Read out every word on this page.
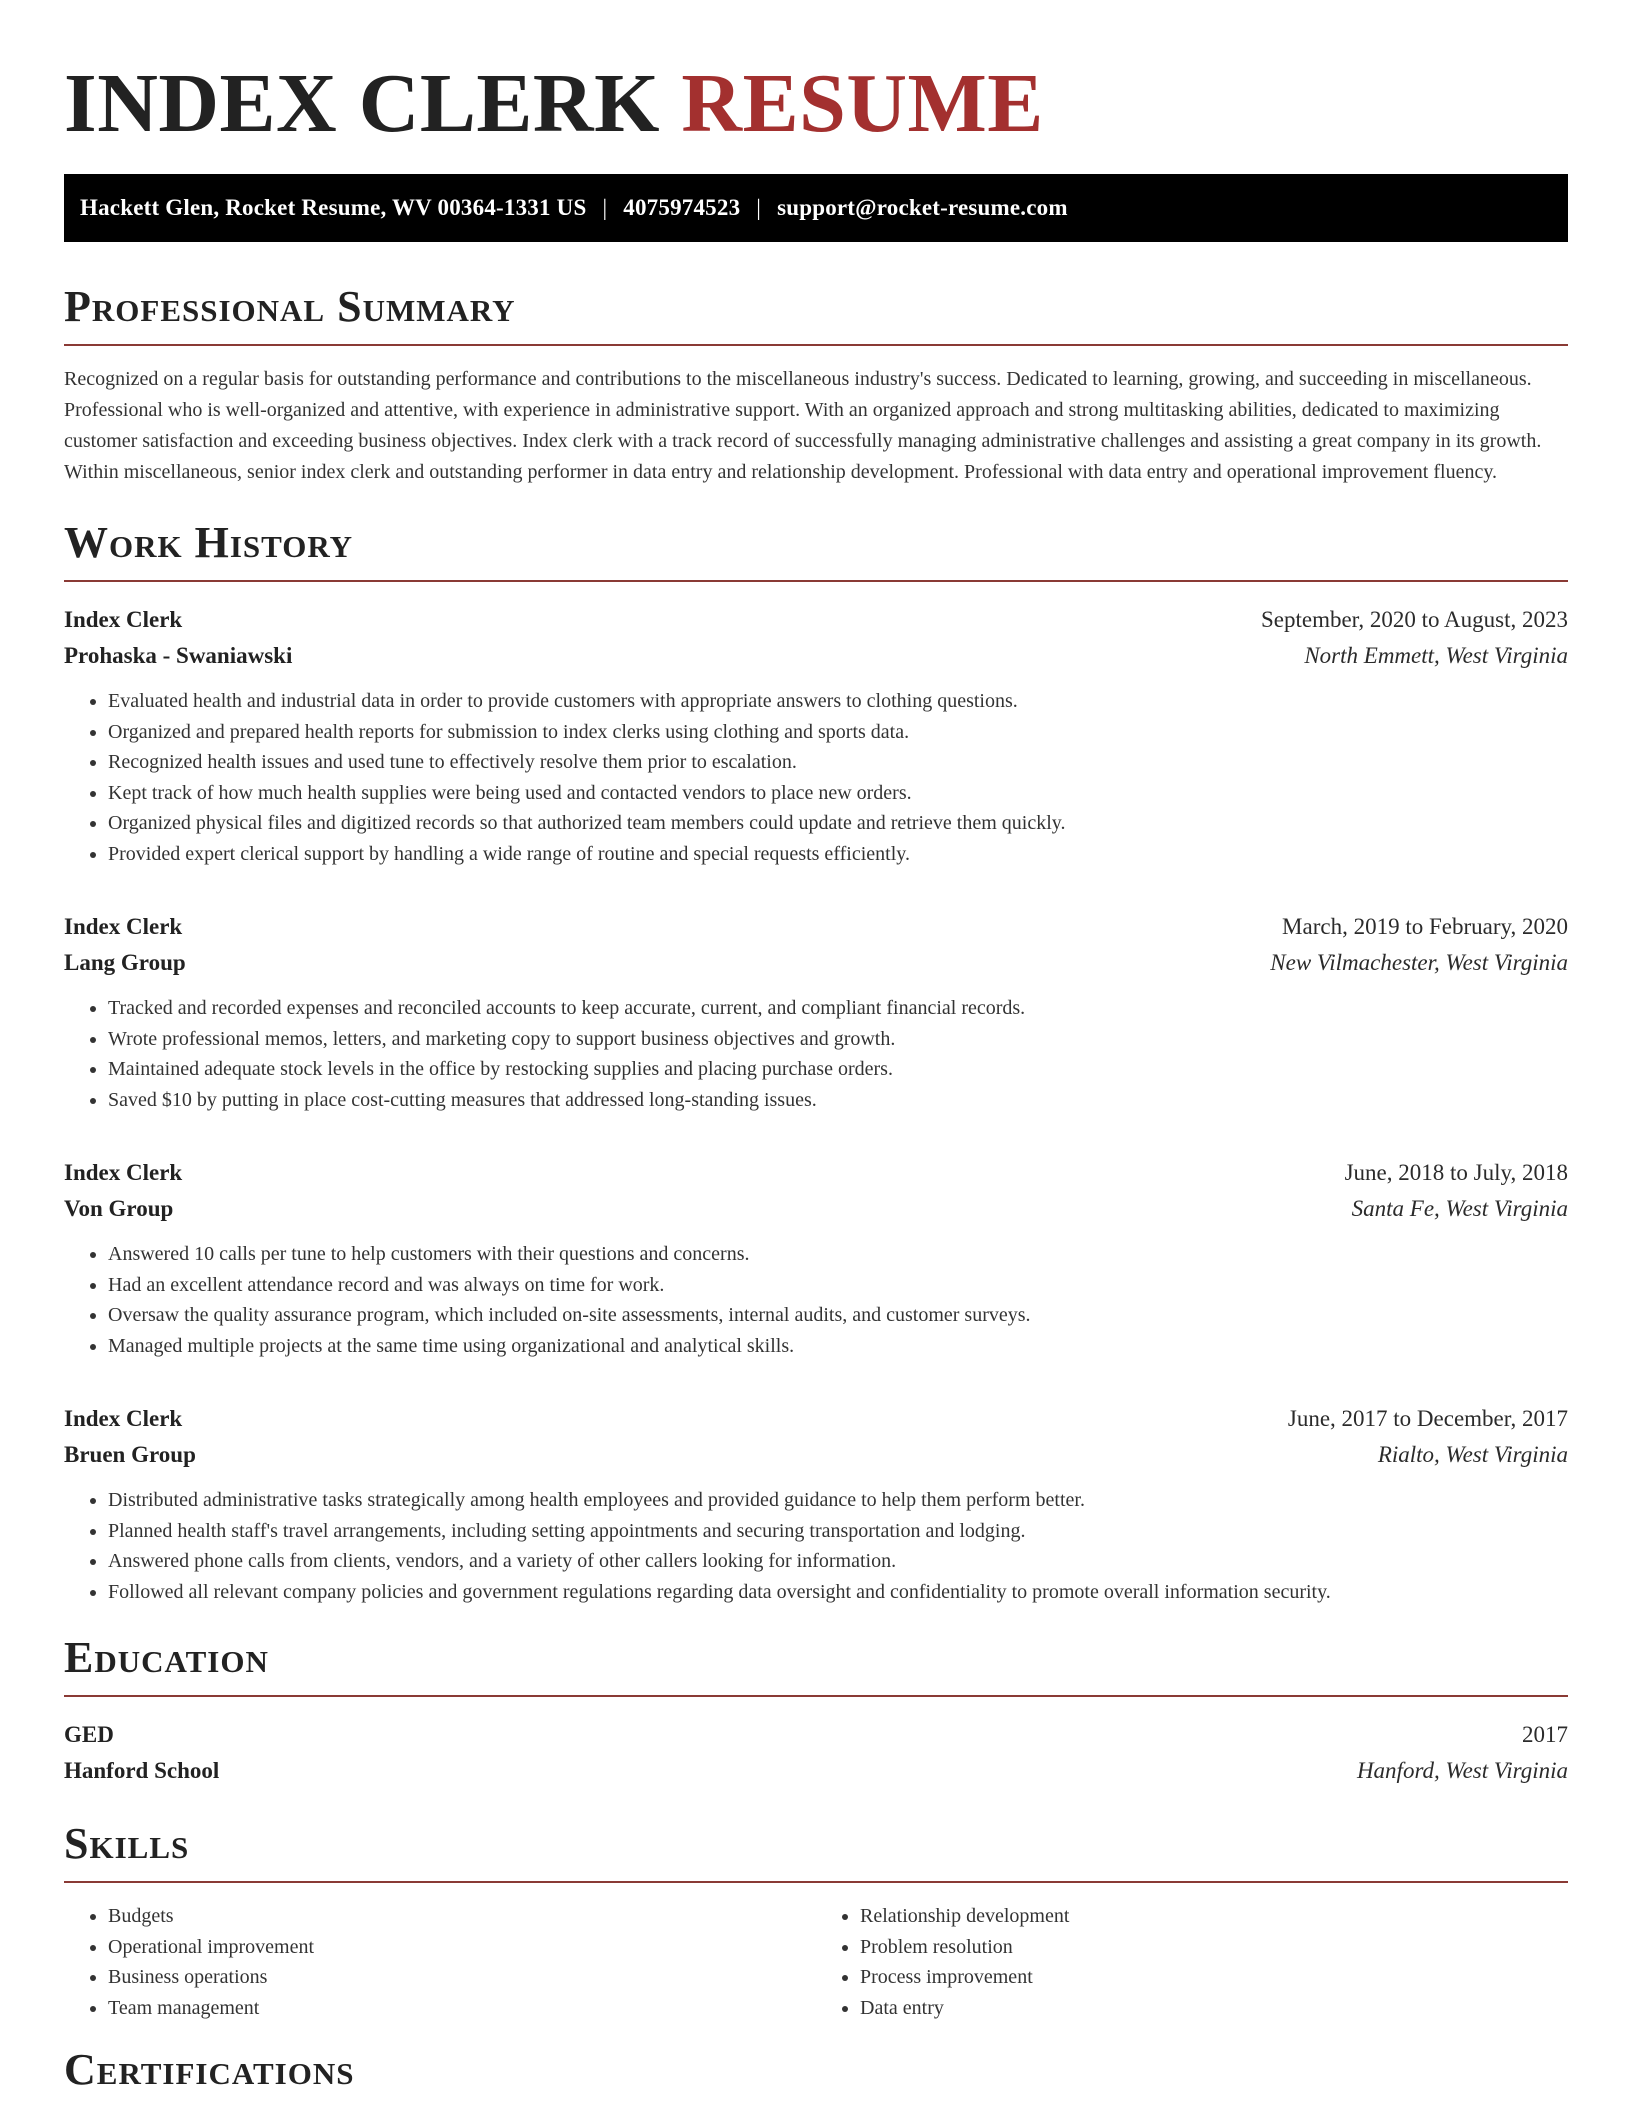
INDEX CLERK RESUME
Hackett Glen, Rocket Resume, WV 00364-1331 US | 4075974523 | support@rocket-resume.com
Professional Summary

Recognized on a regular basis for outstanding performance and contributions to the miscellaneous industry's success. Dedicated to learning, growing, and succeeding in miscellaneous. Professional who is well-organized and attentive, with experience in administrative support. With an organized approach and strong multitasking abilities, dedicated to maximizing customer satisfaction and exceeding business objectives. Index clerk with a track record of successfully managing administrative challenges and assisting a great company in its growth. Within miscellaneous, senior index clerk and outstanding performer in data entry and relationship development. Professional with data entry and operational improvement fluency.

Work History
Index Clerk	September, 2020 to August, 2023
Prohaska - Swaniawski	North Emmett, West Virginia
• Evaluated health and industrial data in order to provide customers with appropriate answers to clothing questions.
• Organized and prepared health reports for submission to index clerks using clothing and sports data.
• Recognized health issues and used tune to effectively resolve them prior to escalation.
• Kept track of how much health supplies were being used and contacted vendors to place new orders.
• Organized physical files and digitized records so that authorized team members could update and retrieve them quickly.
• Provided expert clerical support by handling a wide range of routine and special requests efficiently.
Index Clerk	March, 2019 to February, 2020
Lang Group	New Vilmachester, West Virginia
• Tracked and recorded expenses and reconciled accounts to keep accurate, current, and compliant financial records.
• Wrote professional memos, letters, and marketing copy to support business objectives and growth.
• Maintained adequate stock levels in the office by restocking supplies and placing purchase orders.
• Saved $10 by putting in place cost-cutting measures that addressed long-standing issues.
Index Clerk	June, 2018 to July, 2018
Von Group	Santa Fe, West Virginia
• Answered 10 calls per tune to help customers with their questions and concerns.
• Had an excellent attendance record and was always on time for work.
• Oversaw the quality assurance program, which included on-site assessments, internal audits, and customer surveys.
• Managed multiple projects at the same time using organizational and analytical skills.
Index Clerk	June, 2017 to December, 2017
Bruen Group	Rialto, West Virginia
• Distributed administrative tasks strategically among health employees and provided guidance to help them perform better.
• Planned health staff's travel arrangements, including setting appointments and securing transportation and lodging.
• Answered phone calls from clients, vendors, and a variety of other callers looking for information.
• Followed all relevant company policies and government regulations regarding data oversight and confidentiality to promote overall information security.
Education
GED	2017
Hanford School	Hanford, West Virginia
Skills
• Budgets
• Operational improvement
• Business operations
• Team management
• Relationship development
• Problem resolution
• Process improvement
• Data entry
Certifications
